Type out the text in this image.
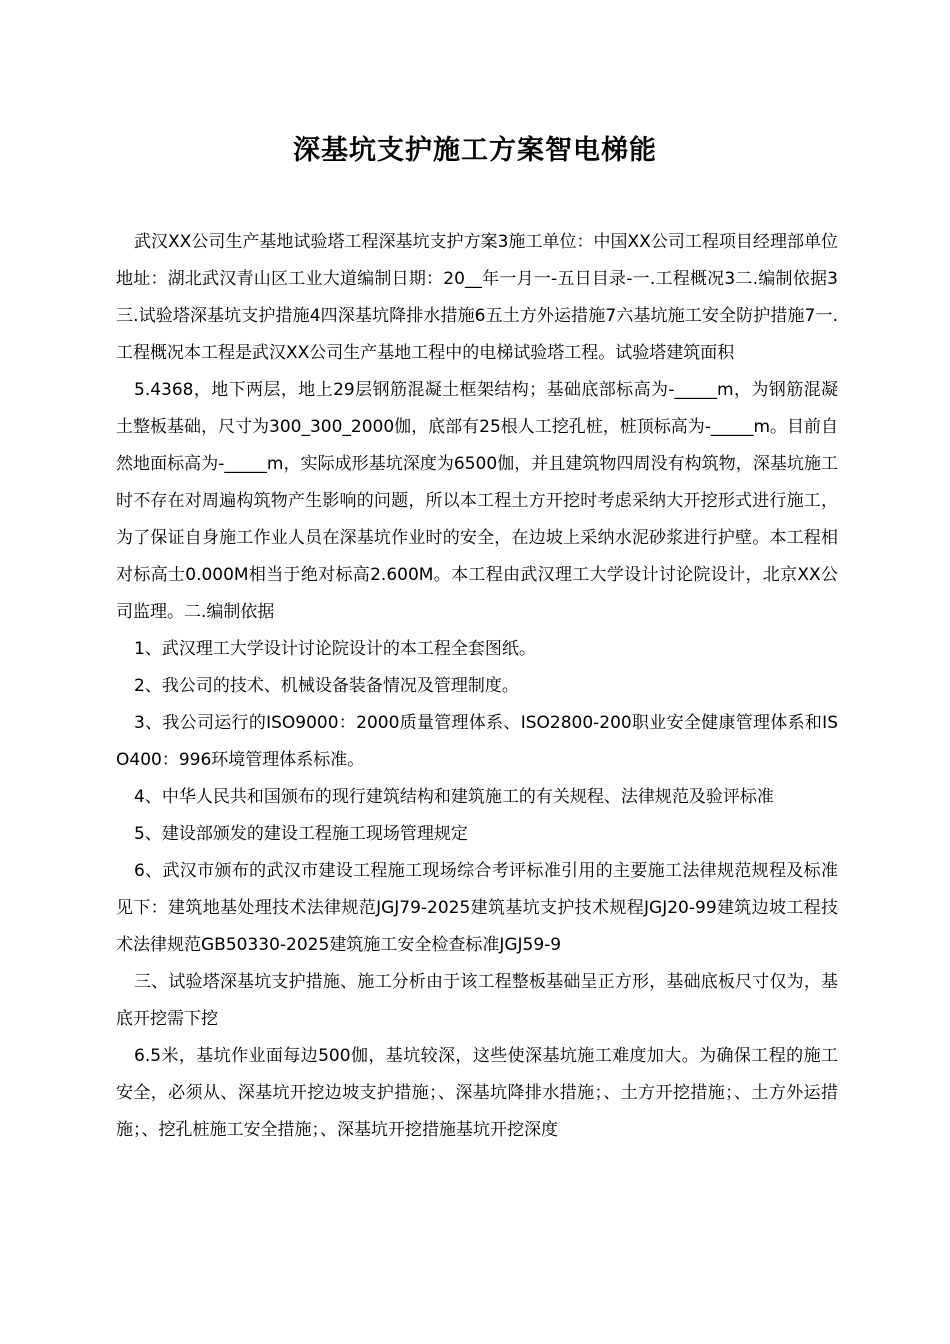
深基坑支护施工方案智电梯能

武汉XX公司生产基地试验塔工程深基坑支护方案3施工单位：中国XX公司工程项目经理部单位地址：湖北武汉青山区工业大道编制日期：20__年一月一-五日目录-一.工程概况3二.编制依据3三.试验塔深基坑支护措施4四深基坑降排水措施6五土方外运措施7六基坑施工安全防护措施7一.工程概况本工程是武汉XX公司生产基地工程中的电梯试验塔工程。试验塔建筑面积

5.4368，地下两层，地上29层钢筋混凝土框架结构；基础底部标高为-_____m，为钢筋混凝土整板基础，尺寸为300_300_2000伽，底部有25根人工挖孔桩，桩顶标高为-_____m。目前自然地面标高为-_____m，实际成形基坑深度为6500伽，并且建筑物四周没有构筑物，深基坑施工时不存在对周遍构筑物产生影响的问题，所以本工程土方开挖时考虑采纳大开挖形式进行施工，为了保证自身施工作业人员在深基坑作业时的安全，在边坡上采纳水泥砂浆进行护壁。本工程相对标高士0.000M相当于绝对标高2.600M。本工程由武汉理工大学设计讨论院设计，北京XX公司监理。二.编制依据

1、武汉理工大学设计讨论院设计的本工程全套图纸。

2、我公司的技术、机械设备装备情况及管理制度。

3、我公司运行的ISO9000：2000质量管理体系、ISO2800-200职业安全健康管理体系和ISO400：996环境管理体系标准。

4、中华人民共和国颁布的现行建筑结构和建筑施工的有关规程、法律规范及验评标准

5、建设部颁发的建设工程施工现场管理规定

6、武汉市颁布的武汉市建设工程施工现场综合考评标准引用的主要施工法律规范规程及标准见下：建筑地基处理技术法律规范JGJ79-2025建筑基坑支护技术规程JGJ20-99建筑边坡工程技术法律规范GB50330-2025建筑施工安全检查标准JGJ59-9

三、试验塔深基坑支护措施、施工分析由于该工程整板基础呈正方形，基础底板尺寸仅为，基底开挖需下挖

6.5米，基坑作业面每边500伽，基坑较深，这些使深基坑施工难度加大。为确保工程的施工安全，必须从、深基坑开挖边坡支护措施；、深基坑降排水措施；、土方开挖措施；、土方外运措施；、挖孔桩施工安全措施；、深基坑开挖措施基坑开挖深度
